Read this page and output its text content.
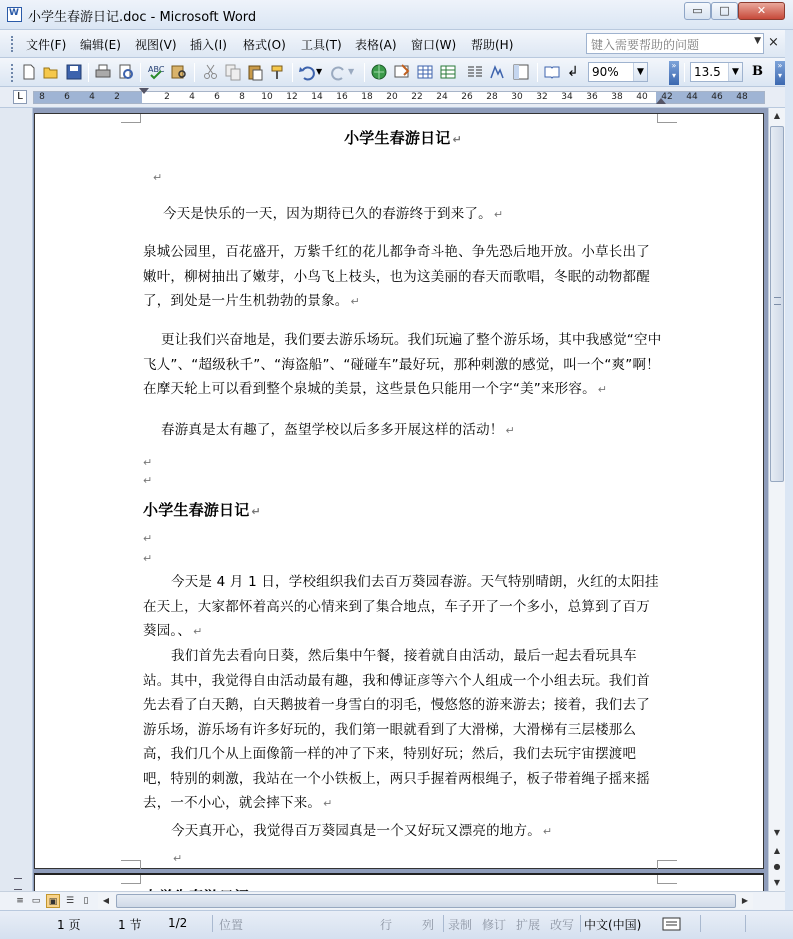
W 小学生春游日记.doc - Microsoft Word	▭	□	✕
文件(F) 编辑(E) 视图(V) 插入(I) 格式(O) 工具(T) 表格(A) 窗口(W) 帮助(H)	键入需要帮助的问题	▼ ×
ABC	▼	▼	↲	90%	▼
»
▾	13.5	▼ B	»
▾
L	8 6 4 2	2 4 6 8 10 12 14 16 18 20 22 24 26 28 30 32 34 36 38 40 42 44 46 48
小学生春游日记 ↵
↵
今天是快乐的一天，因为期待已久的春游终于到来了。 ↵
泉城公园里，百花盛开，万紫千红的花儿都争奇斗艳、争先恐后地开放。小草长出了嫩叶，柳树抽出了嫩芽，小鸟飞上枝头，也为这美丽的春天而歌唱，冬眠的动物都醒了，到处是一片生机勃勃的景象。 ↵
更让我们兴奋地是，我们要去游乐场玩。我们玩遍了整个游乐场，其中我感觉“空中飞人”、“超级秋千”、“海盗船”、“碰碰车”最好玩，那种刺激的感觉，叫一个“爽”啊！在摩天轮上可以看到整个泉城的美景，这些景色只能用一个字“美”来形容。 ↵
春游真是太有趣了，盔望学校以后多多开展这样的活动！ ↵
↵
↵
小学生春游日记 ↵
↵
↵
今天是 4 月 1 日，学校组织我们去百万葵园春游。天气特别晴朗，火红的太阳挂在天上，大家都怀着高兴的心情来到了集合地点，车子开了一个多小，总算到了百万葵园。、 ↵
我们首先去看向日葵，然后集中午餐，接着就自由活动，最后一起去看玩具车站。其中，我觉得自由活动最有趣，我和傅证彦等六个人组成一个小组去玩。我们首先去看了白天鹅，白天鹅披着一身雪白的羽毛，慢悠悠的游来游去；接着，我们去了游乐场，游乐场有许多好玩的，我们第一眼就看到了大滑梯，大滑梯有三层楼那么高，我们几个从上面像箭一样的冲了下来，特别好玩；然后，我们去玩宇宙摆渡吧吧，特别的刺激，我站在一个小铁板上，两只手握着两根绳子，板子带着绳子摇来摇去，一不小心，就会摔下来。 ↵
今天真开心，我觉得百万葵园真是一个又好玩又漂亮的地方。 ↵
↵
▲
▼
▲
●
▼
≡ ▭ ▣ ☰	▯	◀	▶
1 页	1 节 1/2	位置	行 列 录制 修订 扩展 改写 中文(中国)
